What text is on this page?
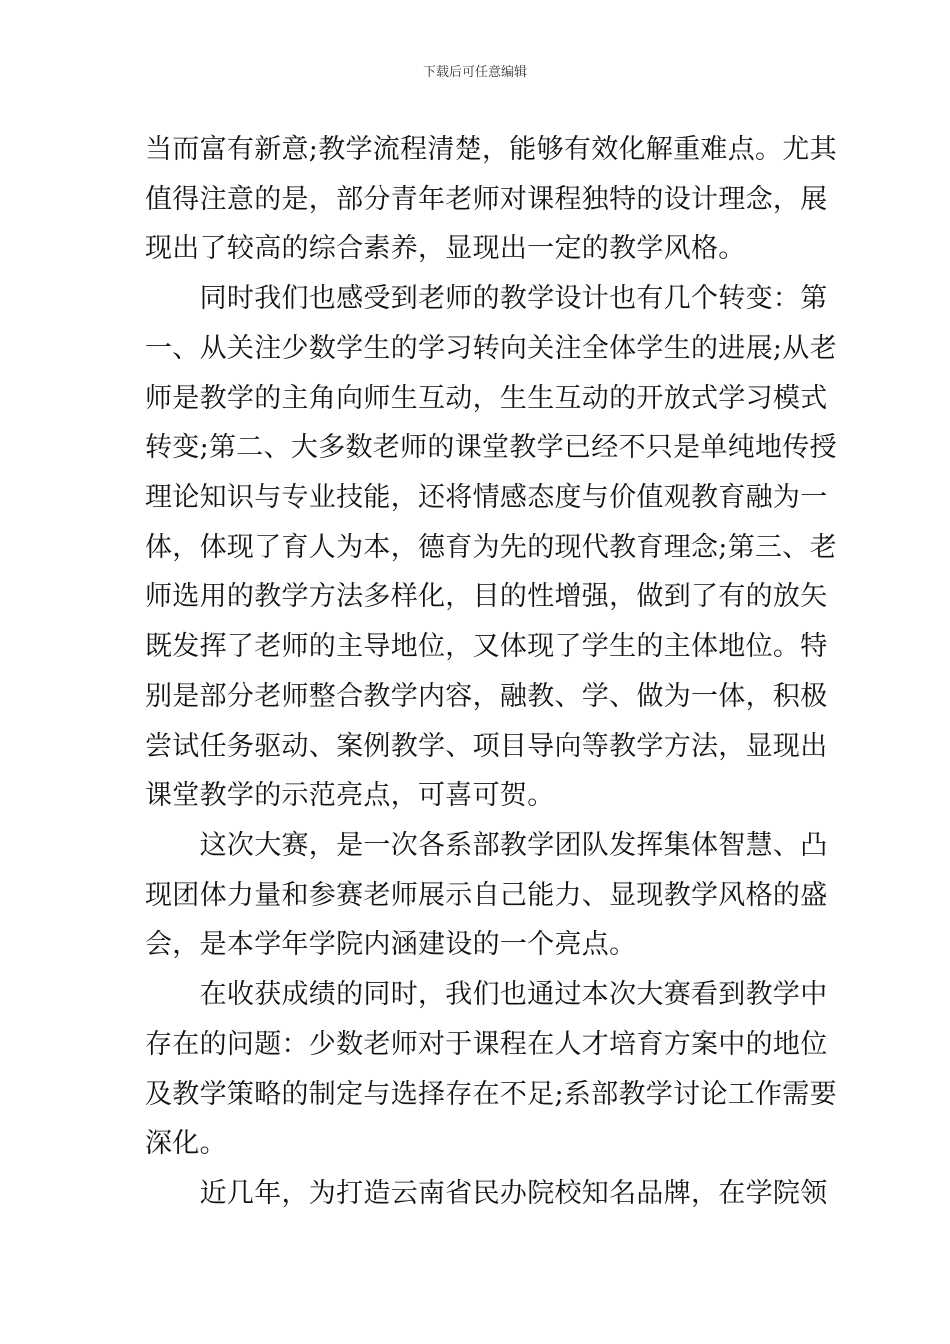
下载后可任意编辑
当而富有新意;教学流程清楚，能够有效化解重难点。尤其
值得注意的是，部分青年老师对课程独特的设计理念，展
现出了较高的综合素养，显现出一定的教学风格。
　　同时我们也感受到老师的教学设计也有几个转变：第
一、从关注少数学生的学习转向关注全体学生的进展;从老
师是教学的主角向师生互动，生生互动的开放式学习模式
转变;第二、大多数老师的课堂教学已经不只是单纯地传授
理论知识与专业技能，还将情感态度与价值观教育融为一
体，体现了育人为本，德育为先的现代教育理念;第三、老
师选用的教学方法多样化，目的性增强，做到了有的放矢
既发挥了老师的主导地位，又体现了学生的主体地位。特
别是部分老师整合教学内容，融教、学、做为一体，积极
尝试任务驱动、案例教学、项目导向等教学方法，显现出
课堂教学的示范亮点，可喜可贺。
　　这次大赛，是一次各系部教学团队发挥集体智慧、凸
现团体力量和参赛老师展示自己能力、显现教学风格的盛
会，是本学年学院内涵建设的一个亮点。
　　在收获成绩的同时，我们也通过本次大赛看到教学中
存在的问题：少数老师对于课程在人才培育方案中的地位
及教学策略的制定与选择存在不足;系部教学讨论工作需要
深化。
　　近几年，为打造云南省民办院校知名品牌，在学院领
